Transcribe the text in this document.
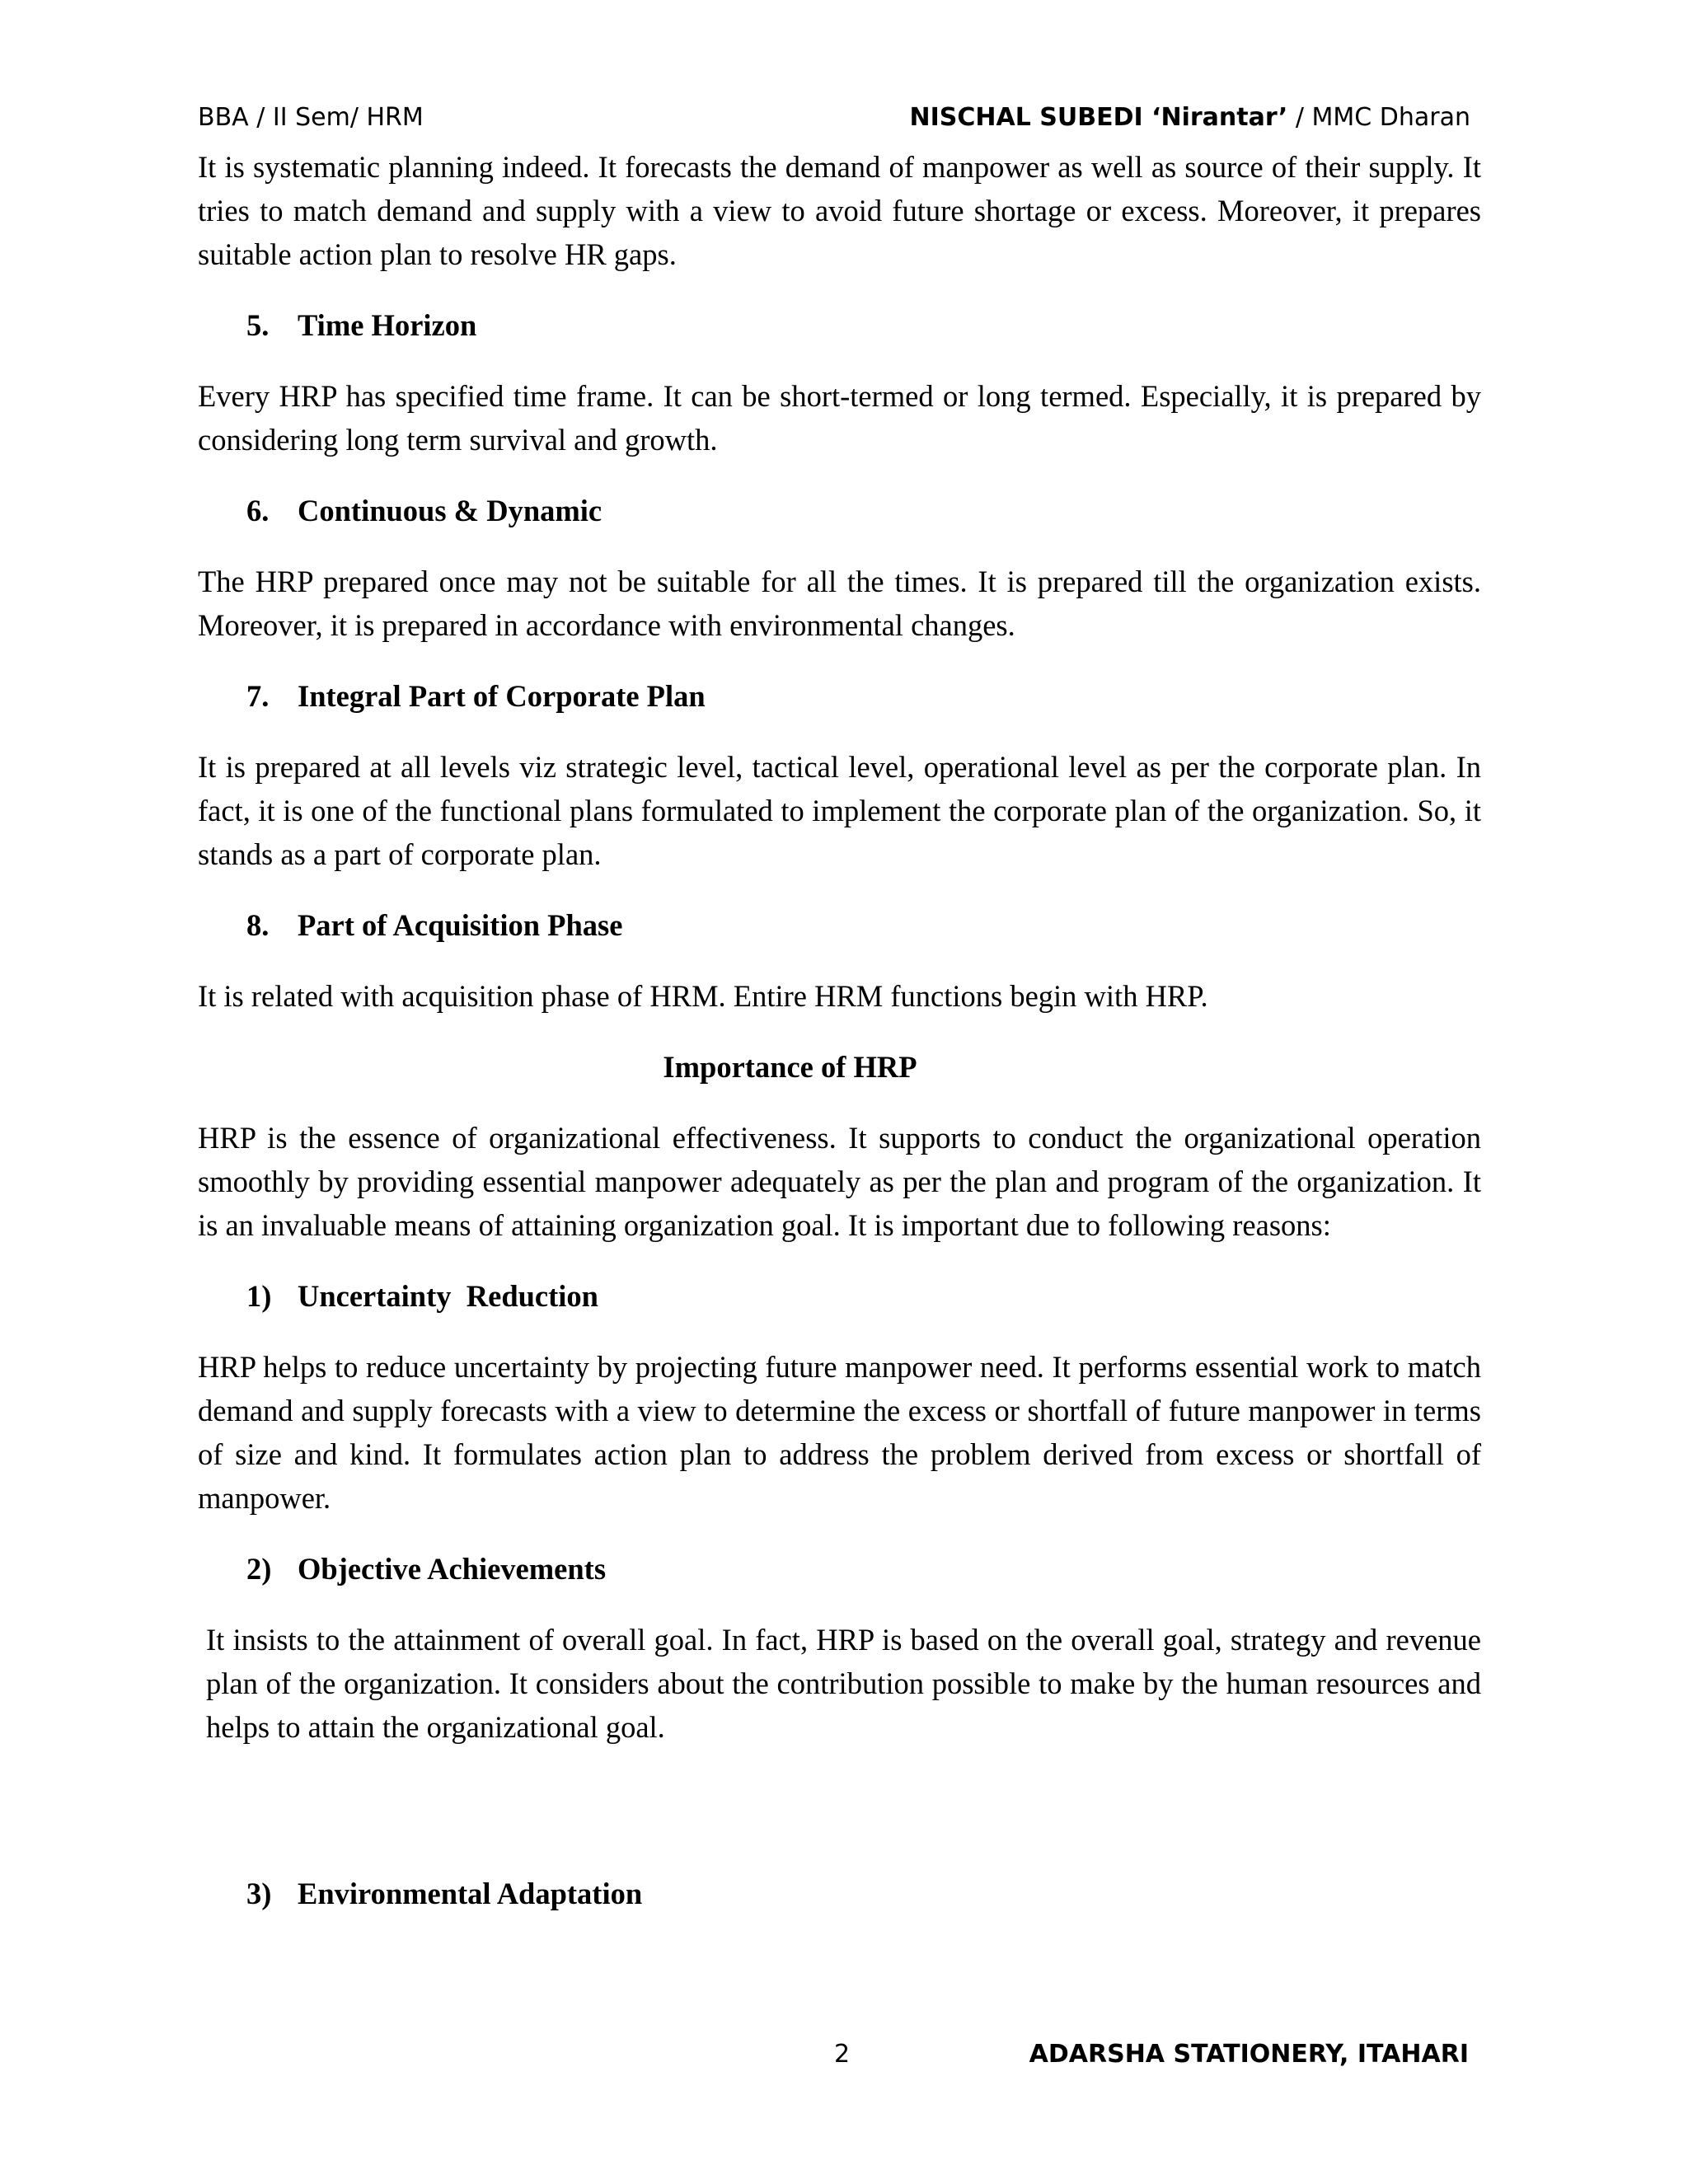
BBA / II Sem/ HRM	NISCHAL SUBEDI ‘Nirantar’ / MMC Dharan

It is systematic planning indeed. It forecasts the demand of manpower as well as source of their supply. It tries to match demand and supply with a view to avoid future shortage or excess. Moreover, it prepares suitable action plan to resolve HR gaps.

5. Time Horizon

Every HRP has specified time frame. It can be short-termed or long termed. Especially, it is prepared by considering long term survival and growth.

6. Continuous & Dynamic

The HRP prepared once may not be suitable for all the times. It is prepared till the organization exists. Moreover, it is prepared in accordance with environmental changes.

7. Integral Part of Corporate Plan

It is prepared at all levels viz strategic level, tactical level, operational level as per the corporate plan. In fact, it is one of the functional plans formulated to implement the corporate plan of the organization. So, it stands as a part of corporate plan.

8. Part of Acquisition Phase

It is related with acquisition phase of HRM. Entire HRM functions begin with HRP.

Importance of HRP

HRP is the essence of organizational effectiveness. It supports to conduct the organizational operation smoothly by providing essential manpower adequately as per the plan and program of the organization. It is an invaluable means of attaining organization goal. It is important due to following reasons:

1) Uncertainty  Reduction

HRP helps to reduce uncertainty by projecting future manpower need. It performs essential work to match demand and supply forecasts with a view to determine the excess or shortfall of future manpower in terms of size and kind. It formulates action plan to address the problem derived from excess or shortfall of manpower.

2) Objective Achievements

It insists to the attainment of overall goal. In fact, HRP is based on the overall goal, strategy and revenue plan of the organization. It considers about the contribution possible to make by the human resources and helps to attain the organizational goal.

3) Environmental Adaptation
2	ADARSHA STATIONERY, ITAHARI
